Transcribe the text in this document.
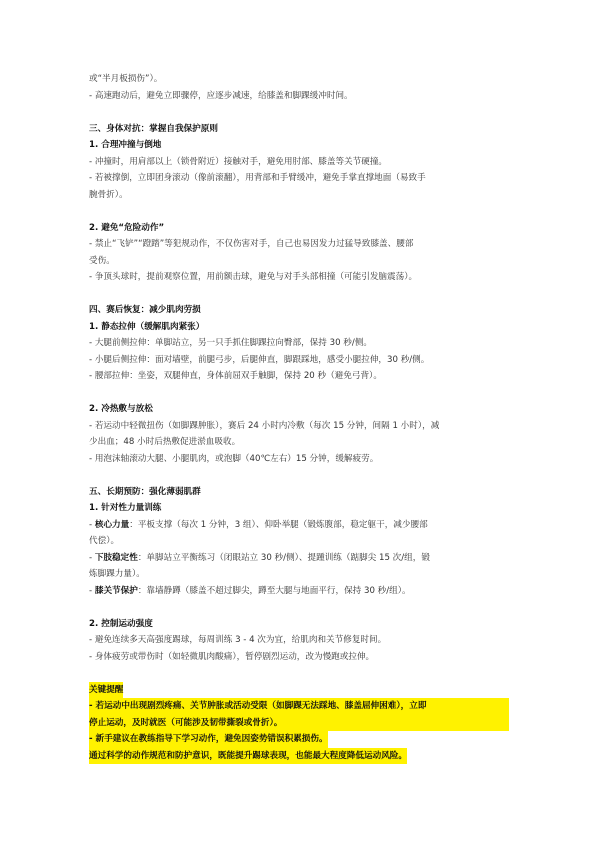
或“半月板损伤”）。

- 高速跑动后，避免立即骤停，应逐步减速，给膝盖和脚踝缓冲时间。

三、身体对抗：掌握自我保护原则

1. 合理冲撞与倒地

- 冲撞时，用肩部以上（锁骨附近）接触对手，避免用肘部、膝盖等关节硬撞。

- 若被撑倒，立即团身滚动（像前滚翻），用背部和手臂缓冲，避免手掌直撑地面（易致手

腕骨折）。

2. 避免“危险动作”

- 禁止“飞铲”“蹬踏”等犯规动作，不仅伤害对手，自己也易因发力过猛导致膝盖、腰部

受伤。

- 争顶头球时，提前观察位置，用前额击球，避免与对手头部相撞（可能引发脑震荡）。

四、赛后恢复：减少肌肉劳损

1. 静态拉伸（缓解肌肉紧张）

- 大腿前侧拉伸：单脚站立，另一只手抓住脚踝拉向臀部，保持 30 秒/侧。

- 小腿后侧拉伸：面对墙壁，前腿弓步，后腿伸直，脚跟踩地，感受小腿拉伸，30 秒/侧。

- 腰部拉伸：坐姿，双腿伸直，身体前屈双手触脚，保持 20 秒（避免弓背）。

2. 冷热敷与放松

- 若运动中轻微扭伤（如脚踝肿胀），赛后 24 小时内冷敷（每次 15 分钟，间隔 1 小时），减

少出血；48 小时后热敷促进淤血吸收。

- 用泡沫轴滚动大腿、小腿肌肉，或泡脚（40℃左右）15 分钟，缓解疲劳。

五、长期预防：强化薄弱肌群

1. 针对性力量训练

- 核心力量：平板支撑（每次 1 分钟，3 组）、仰卧举腿（锻炼腹部，稳定躯干，减少腰部

代偿）。

- 下肢稳定性：单脚站立平衡练习（闭眼站立 30 秒/侧）、提踵训练（踮脚尖 15 次/组，锻

炼脚踝力量）。

- 膝关节保护：靠墙静蹲（膝盖不超过脚尖，蹲至大腿与地面平行，保持 30 秒/组）。

2. 控制运动强度

- 避免连续多天高强度踢球，每周训练 3 - 4 次为宜，给肌肉和关节修复时间。

- 身体疲劳或带伤时（如轻微肌肉酸痛），暂停剧烈运动，改为慢跑或拉伸。

关键提醒

- 若运动中出现剧烈疼痛、关节肿胀或活动受限（如脚踝无法踩地、膝盖屈伸困难），立即

停止运动，及时就医（可能涉及韧带撕裂或骨折）。

- 新手建议在教练指导下学习动作，避免因姿势错误积累损伤。

通过科学的动作规范和防护意识，既能提升踢球表现，也能最大程度降低运动风险。
